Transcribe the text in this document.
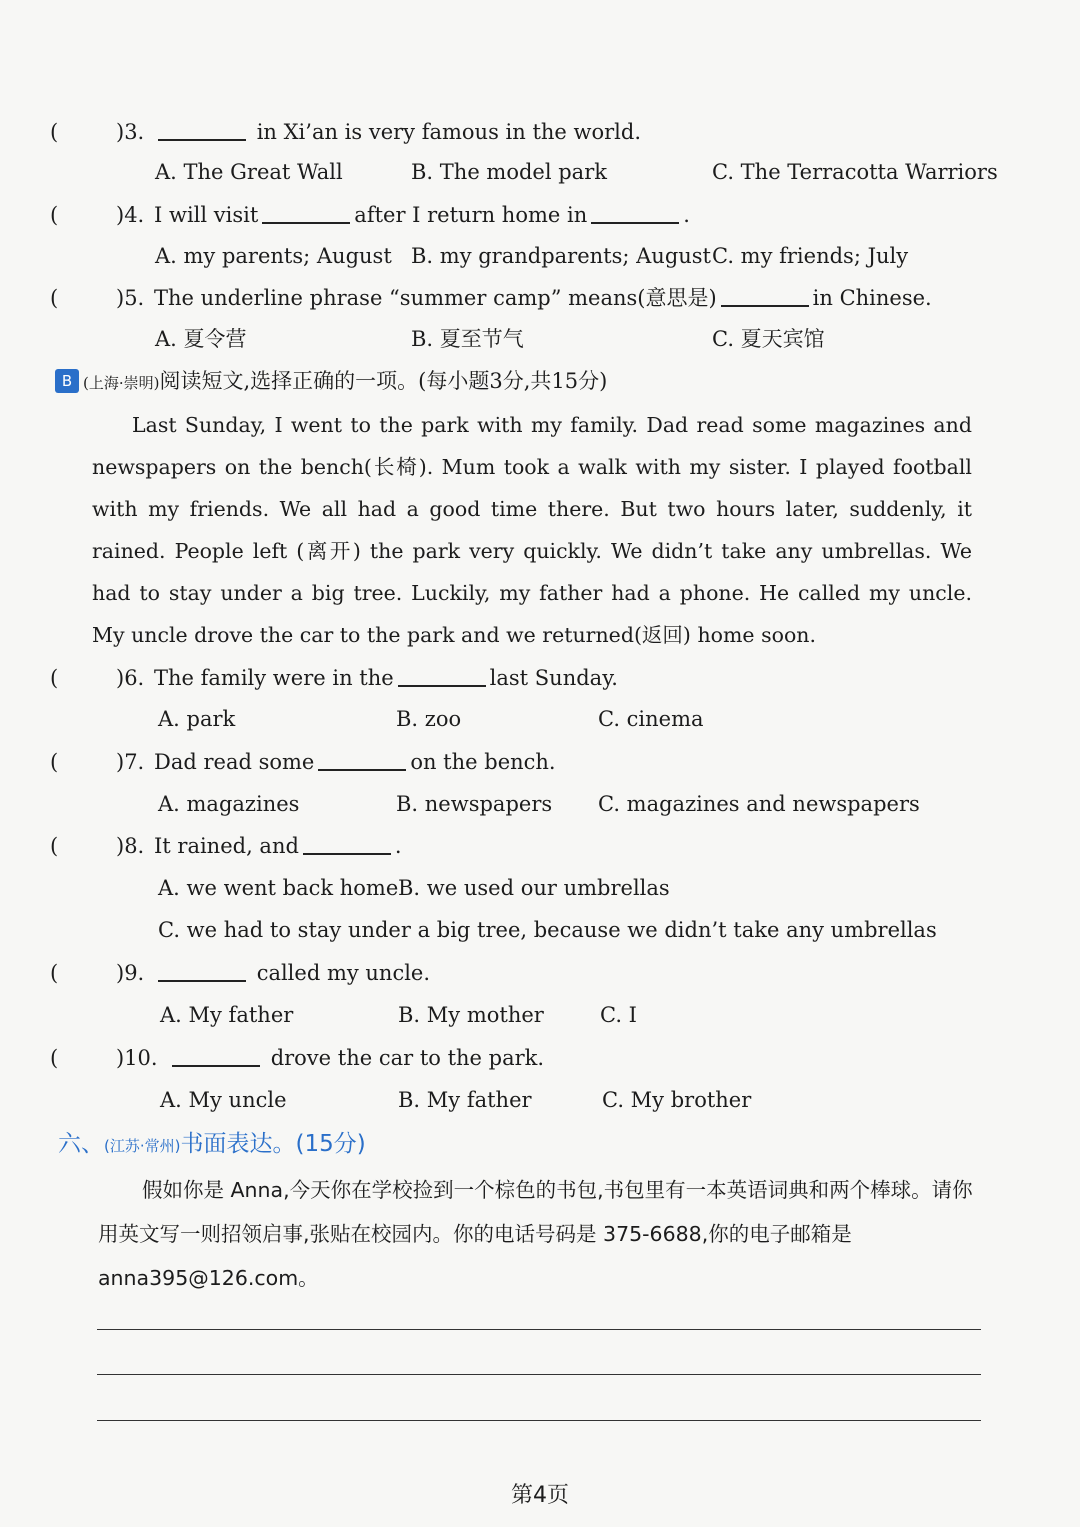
(	)3.	in Xi’an is very famous in the world.
A. The Great Wall	B. The model park	C. The Terracotta Warriors
(	)4. I will visit	after I return home in	.
A. my parents; August B. my grandparents; August C. my friends; July
(	)5. The underline phrase “summer camp” means(意思是)	in Chinese.
A. 夏令营	B. 夏至节气	C. 夏天宾馆
B (上海·崇明)阅读短文,选择正确的一项。(每小题3分,共15分)
Last Sunday, I went to the park with my family. Dad read some magazines and newspapers on the bench(长椅). Mum took a walk with my sister. I played football with my friends. We all had a good time there. But two hours later, suddenly, it rained. People left (离开) the park very quickly. We didn’t take any umbrellas. We had to stay under a big tree. Luckily, my father had a phone. He called my uncle. My uncle drove the car to the park and we returned(返回) home soon.
(	)6. The family were in the	last Sunday.
A. park	B. zoo	C. cinema
(	)7. Dad read some	on the bench.
A. magazines	B. newspapers C. magazines and newspapers
(	)8. It rained, and	.
A. we went back home B. we used our umbrellas
C. we had to stay under a big tree, because we didn’t take any umbrellas
(	)9.	called my uncle.
A. My father	B. My mother	C. I
(	)10.	drove the car to the park.
A. My uncle	B. My father	C. My brother
六、(江苏·常州)书面表达。(15分)
假如你是 Anna,今天你在学校捡到一个棕色的书包,书包里有一本英语词典和两个棒球。请你用英文写一则招领启事,张贴在校园内。你的电话号码是 375-6688,你的电子邮箱是 anna395@126.com。
第4页
